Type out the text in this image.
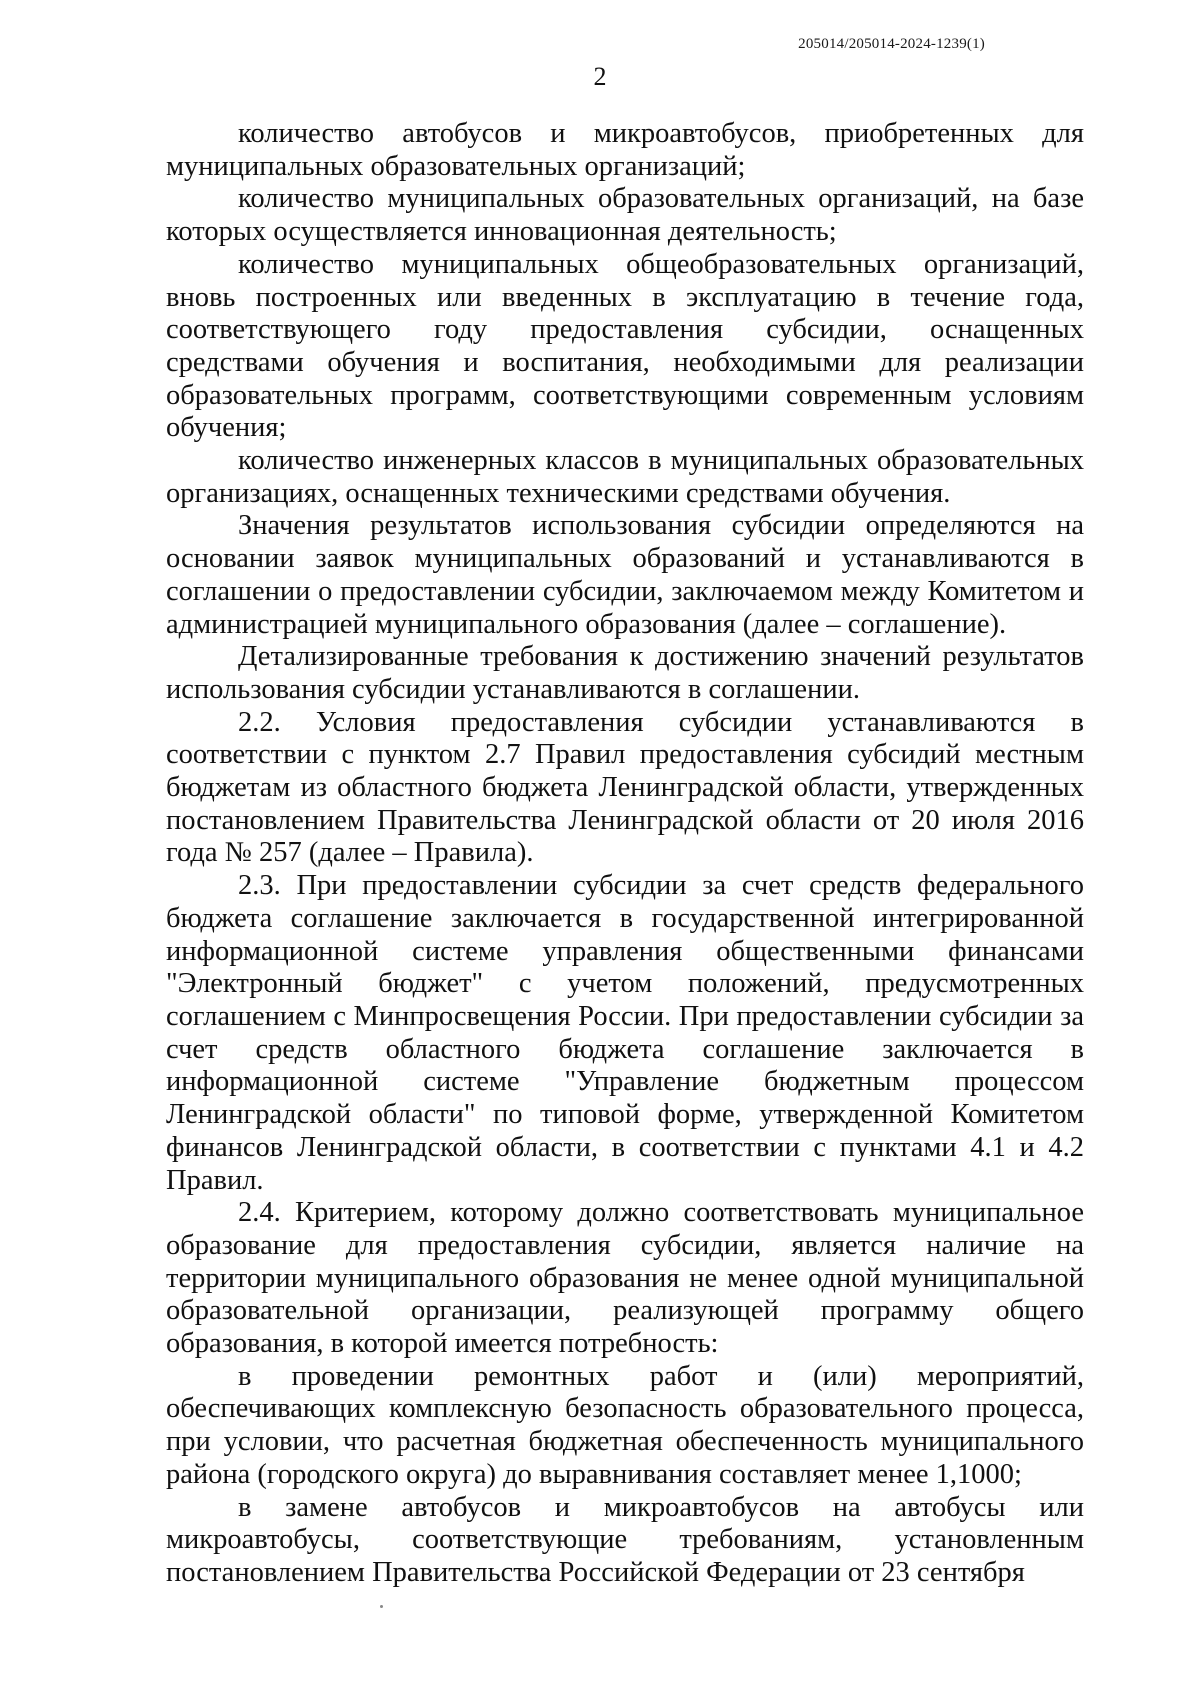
205014/205014-2024-1239(1)
2

количество автобусов и микроавтобусов, приобретенных для муниципальных образовательных организаций;

количество муниципальных образовательных организаций, на базе которых осуществляется инновационная деятельность;

количество муниципальных общеобразовательных организаций, вновь построенных или введенных в эксплуатацию в течение года, соответствующего году предоставления субсидии, оснащенных средствами обучения и воспитания, необходимыми для реализации образовательных программ, соответствующими современным условиям обучения;

количество инженерных классов в муниципальных образовательных организациях, оснащенных техническими средствами обучения.

Значения результатов использования субсидии определяются на основании заявок муниципальных образований и устанавливаются в соглашении о предоставлении субсидии, заключаемом между Комитетом и администрацией муниципального образования (далее – соглашение).

Детализированные требования к достижению значений результатов использования субсидии устанавливаются в соглашении.

2.2. Условия предоставления субсидии устанавливаются в соответствии с пунктом 2.7 Правил предоставления субсидий местным бюджетам из областного бюджета Ленинградской области, утвержденных постановлением Правительства Ленинградской области от 20 июля 2016 года № 257 (далее – Правила).

2.3. При предоставлении субсидии за счет средств федерального бюджета соглашение заключается в государственной интегрированной информационной системе управления общественными финансами "Электронный бюджет" с учетом положений, предусмотренных соглашением с Минпросвещения России. При предоставлении субсидии за счет средств областного бюджета соглашение заключается в информационной системе "Управление бюджетным процессом Ленинградской области" по типовой форме, утвержденной Комитетом финансов Ленинградской области, в соответствии с пунктами 4.1 и 4.2 Правил.

2.4. Критерием, которому должно соответствовать муниципальное образование для предоставления субсидии, является наличие на территории муниципального образования не менее одной муниципальной образовательной организации, реализующей программу общего образования, в которой имеется потребность:

в проведении ремонтных работ и (или) мероприятий, обеспечивающих комплексную безопасность образовательного процесса, при условии, что расчетная бюджетная обеспеченность муниципального района (городского округа) до выравнивания составляет менее 1,1000;

в замене автобусов и микроавтобусов на автобусы или микроавтобусы, соответствующие требованиям, установленным постановлением Правительства Российской Федерации от 23 сентября
